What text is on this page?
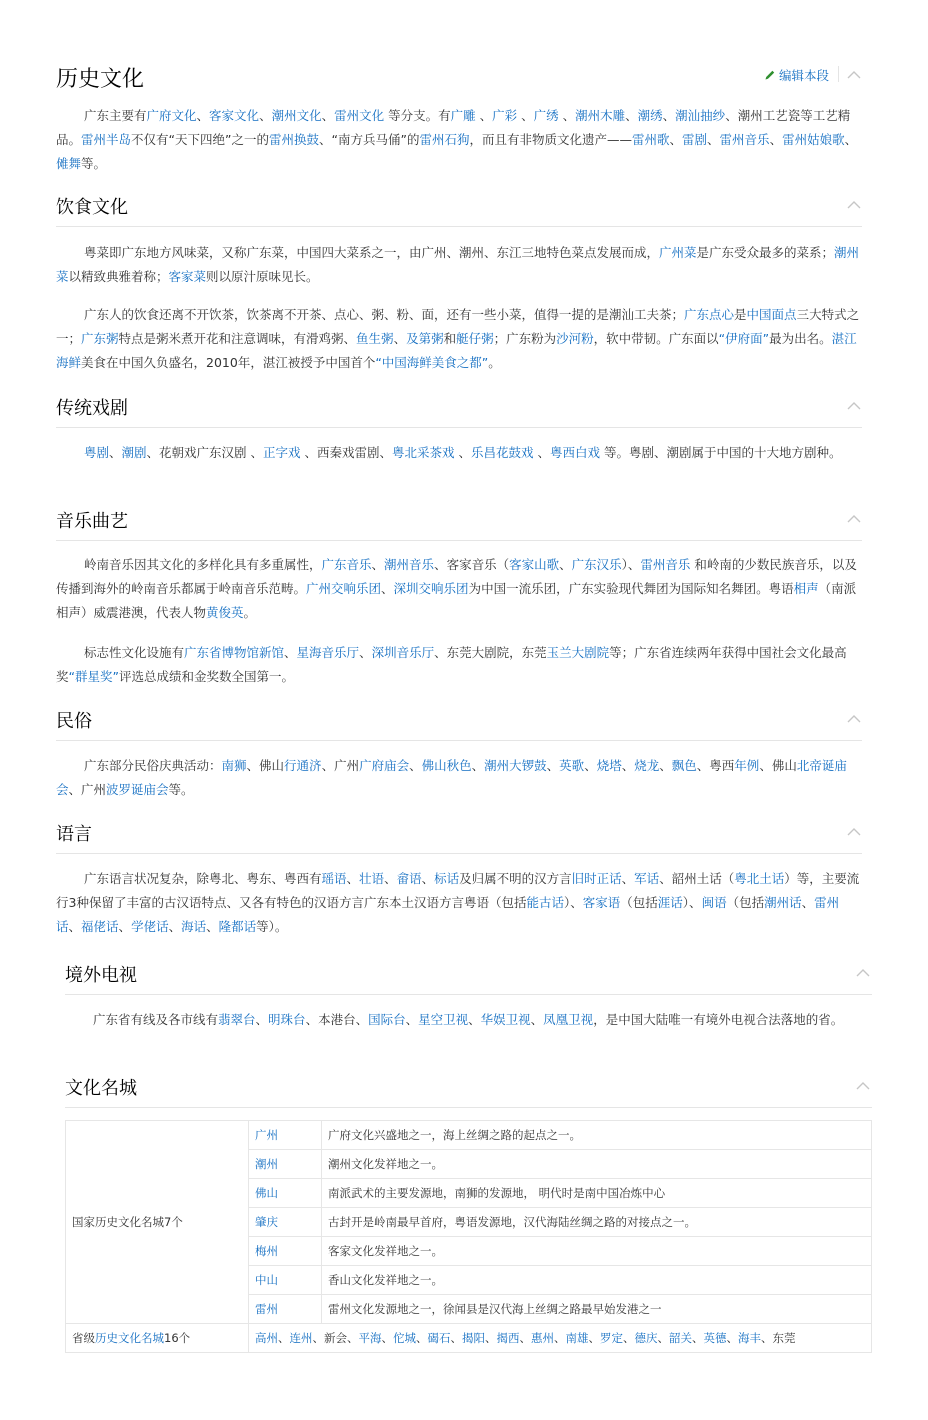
历史文化	编辑本段
广东主要有广府文化、客家文化、潮州文化、雷州文化 等分支。有广雕 、广彩 、广绣 、潮州木雕、潮绣、潮汕抽纱、潮州工艺瓷等工艺精品。雷州半岛不仅有“天下四绝”之一的雷州换鼓、“南方兵马俑”的雷州石狗，而且有非物质文化遗产——雷州歌、雷剧、雷州音乐、雷州姑娘歌、傩舞等。
饮食文化
粤菜即广东地方风味菜，又称广东菜，中国四大菜系之一，由广州、潮州、东江三地特色菜点发展而成，广州菜是广东受众最多的菜系；潮州菜以精致典雅着称；客家菜则以原汁原味见长。
广东人的饮食还离不开饮茶，饮茶离不开茶、点心、粥、粉、面，还有一些小菜，值得一提的是潮汕工夫茶；广东点心是中国面点三大特式之一；广东粥特点是粥米煮开花和注意调味，有滑鸡粥、鱼生粥、及第粥和艇仔粥；广东粉为沙河粉，软中带韧。广东面以“伊府面”最为出名。湛江海鲜美食在中国久负盛名，2010年，湛江被授予中国首个“中国海鲜美食之都”。
传统戏剧
粤剧、潮剧、花朝戏广东汉剧 、正字戏 、西秦戏雷剧、粤北采茶戏 、乐昌花鼓戏 、粤西白戏 等。粤剧、潮剧属于中国的十大地方剧种。
音乐曲艺
岭南音乐因其文化的多样化具有多重属性，广东音乐、潮州音乐、客家音乐（客家山歌、广东汉乐）、雷州音乐 和岭南的少数民族音乐，以及传播到海外的岭南音乐都属于岭南音乐范畴。广州交响乐团、深圳交响乐团为中国一流乐团，广东实验现代舞团为国际知名舞团。粤语相声（南派相声）威震港澳，代表人物黄俊英。
标志性文化设施有广东省博物馆新馆、星海音乐厅、深圳音乐厅、东莞大剧院，东莞玉兰大剧院等；广东省连续两年获得中国社会文化最高奖“群星奖”评选总成绩和金奖数全国第一。
民俗
广东部分民俗庆典活动：南狮、佛山行通济、广州广府庙会、佛山秋色、潮州大锣鼓、英歌、烧塔、烧龙、飘色、粤西年例、佛山北帝诞庙会、广州波罗诞庙会等。
语言
广东语言状况复杂，除粤北、粤东、粤西有瑶语、壮语、畲语、标话及归属不明的汉方言旧时正话、军话、韶州土话（粤北土话）等，主要流行3种保留了丰富的古汉语特点、又各有特色的汉语方言广东本土汉语方言粤语（包括能古话）、客家语（包括涯话）、闽语（包括潮州话、雷州话、福佬话、学佬话、海话、隆都话等）。
境外电视
广东省有线及各市线有翡翠台、明珠台、本港台、国际台、星空卫视、华娱卫视、凤凰卫视，是中国大陆唯一有境外电视合法落地的省。
文化名城
国家历史文化名城7个	广州	广府文化兴盛地之一，海上丝绸之路的起点之一。
	潮州	潮州文化发祥地之一。
	佛山	南派武术的主要发源地，南狮的发源地， 明代时是南中国冶炼中心
	肇庆	古封开是岭南最早首府，粤语发源地，汉代海陆丝绸之路的对接点之一。
	梅州	客家文化发祥地之一。
	中山	香山文化发祥地之一。
	雷州	雷州文化发源地之一，徐闻县是汉代海上丝绸之路最早始发港之一
省级历史文化名城16个	高州、连州、新会、平海、佗城、碣石、揭阳、揭西、惠州、南雄、罗定、德庆、韶关、英德、海丰、东莞	
